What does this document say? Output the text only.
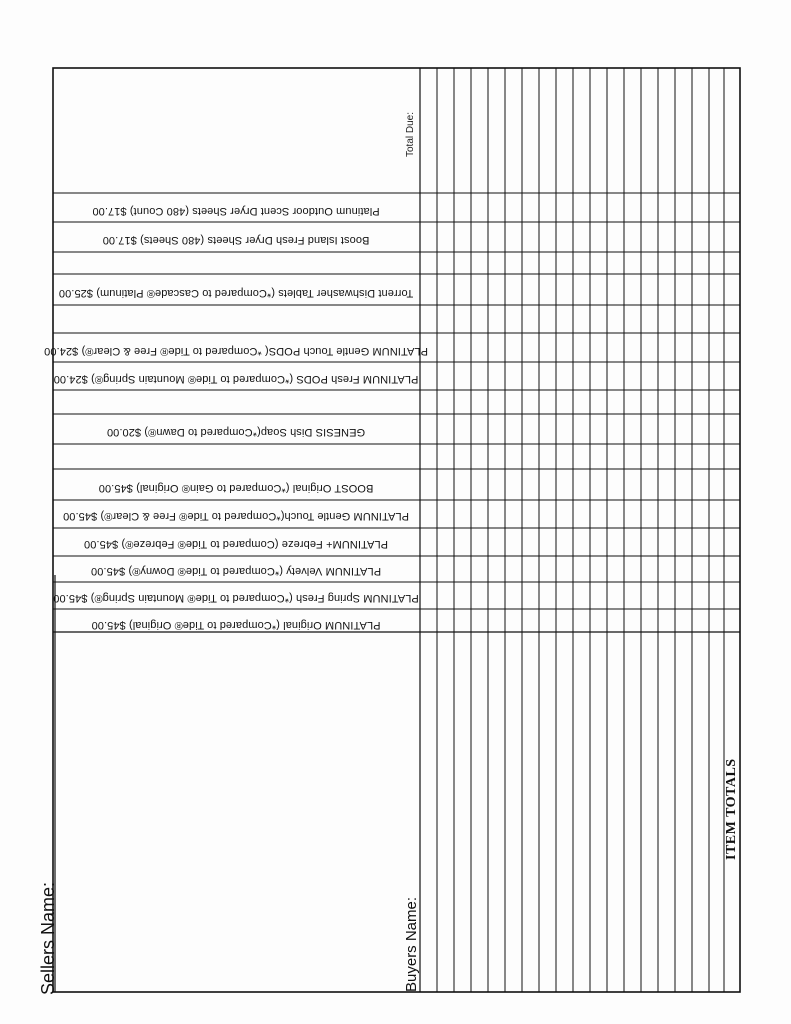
Sellers Name:	Buyers Name:
Total Due:
ITEM TOTALS
Platinum Outdoor Scent Dryer Sheets (480 Count) $17.00
Boost Island Fresh Dryer Sheets (480 Sheets) $17.00
Torrent Dishwasher Tablets (*Compared to Cascade® Platinum) $25.00
PLATINUM Gentle Touch PODS( *Compared to Tide® Free & Clear®) $24.00
PLATINUM Fresh PODS (*Compared to Tide® Mountain Spring®) $24.00
GENESIS Dish Soap(*Compared to Dawn®) $20.00
BOOST Original (*Compared to Gain® Original) $45.00
PLATINUM Gentle Touch(*Compared to Tide® Free & Clear®) $45.00
PLATINUM+ Febreze (Compared to Tide® Febreze®) $45.00
PLATINUM Velvety (*Compared to Tide® Downy®) $45.00
PLATINUM Spring Fresh (*Compared to Tide® Mountain Spring®) $45.00
PLATINUM Original (*Compared to Tide® Original) $45.00
